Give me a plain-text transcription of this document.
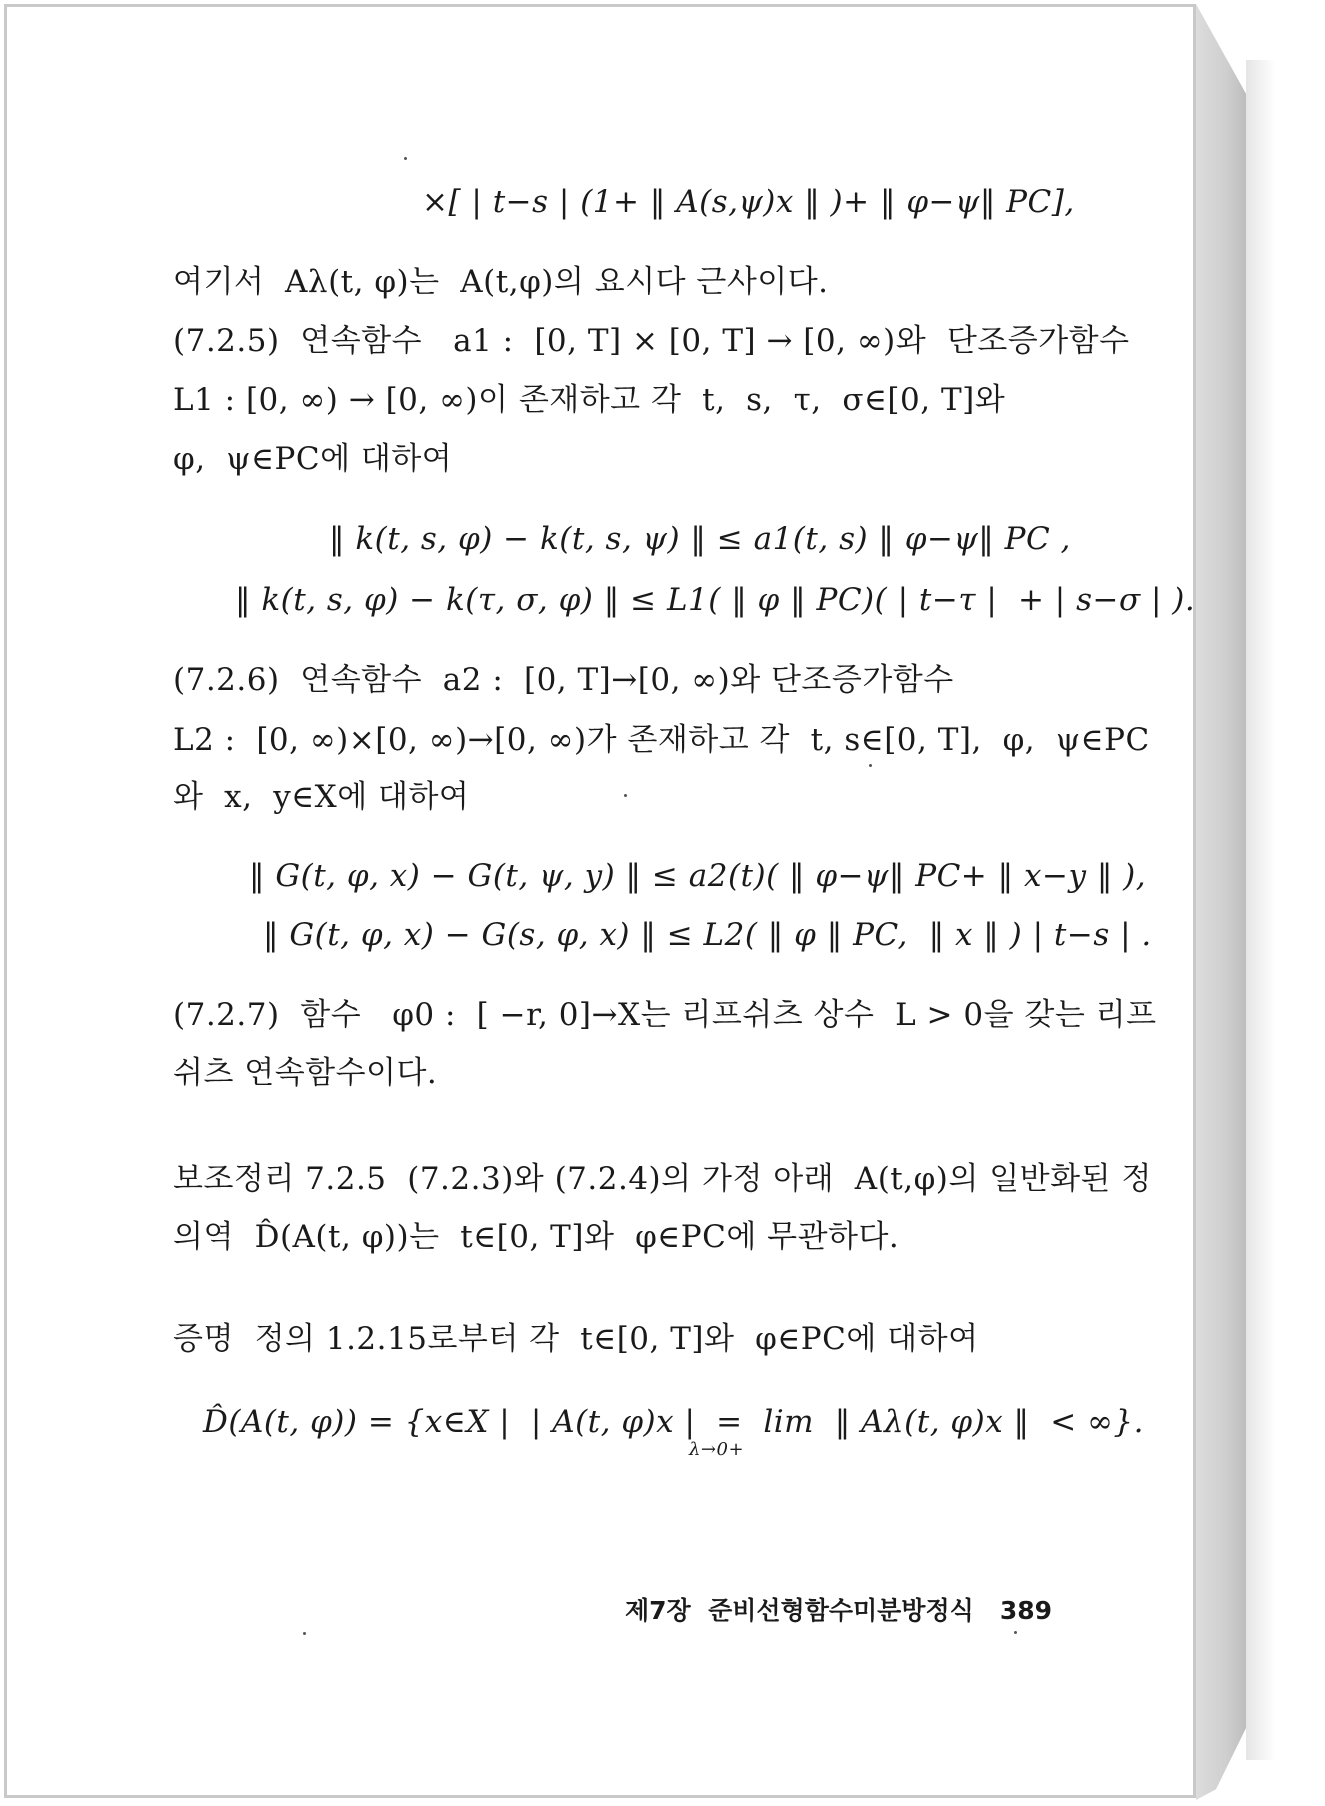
×[ | t−s | (1+ ‖ A(s,ψ)x ‖ )+ ‖ φ−ψ‖ PC],
여기서  Aλ(t, φ)는  A(t,φ)의 요시다 근사이다.
(7.2.5)  연속함수   a1 :  [0, T] × [0, T] → [0, ∞)와  단조증가함수
L1 : [0, ∞) → [0, ∞)이 존재하고 각  t,  s,  τ,  σ∈[0, T]와
φ,  ψ∈PC에 대하여
‖ k(t, s, φ) − k(t, s, ψ) ‖ ≤ a1(t, s) ‖ φ−ψ‖ PC ,
‖ k(t, s, φ) − k(τ, σ, φ) ‖ ≤ L1( ‖ φ ‖ PC)( | t−τ |  + | s−σ | ).
(7.2.6)  연속함수  a2 :  [0, T]→[0, ∞)와 단조증가함수
L2 :  [0, ∞)×[0, ∞)→[0, ∞)가 존재하고 각  t, s∈[0, T],  φ,  ψ∈PC
와  x,  y∈X에 대하여
‖ G(t, φ, x) − G(t, ψ, y) ‖ ≤ a2(t)( ‖ φ−ψ‖ PC+ ‖ x−y ‖ ),
‖ G(t, φ, x) − G(s, φ, x) ‖ ≤ L2( ‖ φ ‖ PC,  ‖ x ‖ ) | t−s | .
(7.2.7)  함수   φ0 :  [ −r, 0]→X는 리프쉬츠 상수  L > 0을 갖는 리프
쉬츠 연속함수이다.
보조정리 7.2.5  (7.2.3)와 (7.2.4)의 가정 아래  A(t,φ)의 일반화된 정
의역  D̂(A(t, φ))는  t∈[0, T]와  φ∈PC에 무관하다.
증명  정의 1.2.15로부터 각  t∈[0, T]와  φ∈PC에 대하여
D̂(A(t, φ)) = {x∈X |  | A(t, φ)x |  =  lim  ‖ Aλ(t, φ)x ‖  < ∞}.
λ→0+
제7장  준비선형함수미분방정식   389
